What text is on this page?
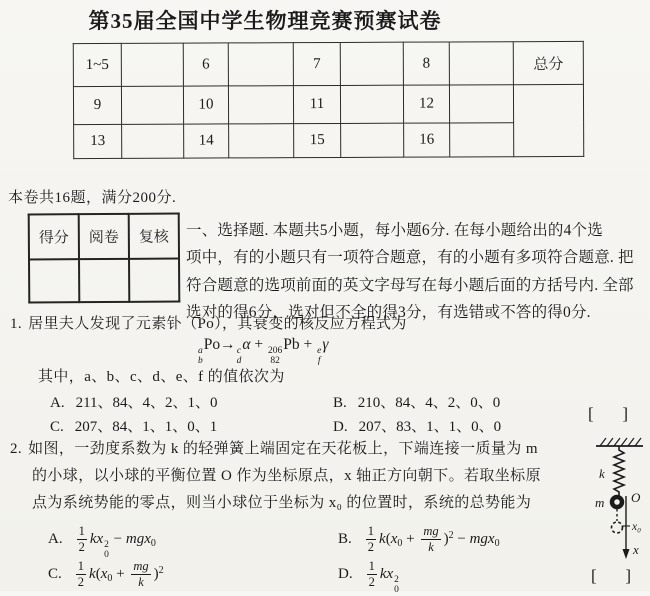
第35届全国中学生物理竞赛预赛试卷
1~5		6		7		8		总分
9		10		11		12		
13		14		15		16		
本卷共16题，满分200分.
得分	阅卷	复核
		一、选择题. 本题共5小题，每小题6分. 在每小题给出的4个选
项中，有的小题只有一项符合题意，有的小题有多项符合题意. 把
符合题意的选项前面的英文字母写在每小题后面的方括号内. 全部
选对的得6分，选对但不全的得3分，有选错或不答的得0分.
1. 居里夫人发现了元素钋（Po），其衰变的核反应方程式为
a
b
Po→ c
d
α + 206
82
Pb + e
f
γ
其中，a、b、c、d、e、f 的值依次为
A. 211、84、4、2、1、0	B. 210、84、4、2、0、0
C. 207、84、1、1、0、1	D. 207、83、1、1、0、0
[ ]
2. 如图，一劲度系数为 k 的轻弹簧上端固定在天花板上，下端连接一质量为 m
的小球，以小球的平衡位置 O 作为坐标原点，x 轴正方向朝下。若取坐标原
点为系统势能的零点，则当小球位于坐标为 x₀ 的位置时，系统的总势能为
A. $\frac{1}{2}$ kx 2
0
− mgx$_0$	B. $\frac{1}{2} k(x_0 + \frac{mg}{k} )^2 - mgx_0$
C. $\frac{1}{2} k(x_0 + \frac{mg}{k} )^2$	D. $\frac{1}{2}$ kx 2
0
[ ]
k
m O
x₀
x
